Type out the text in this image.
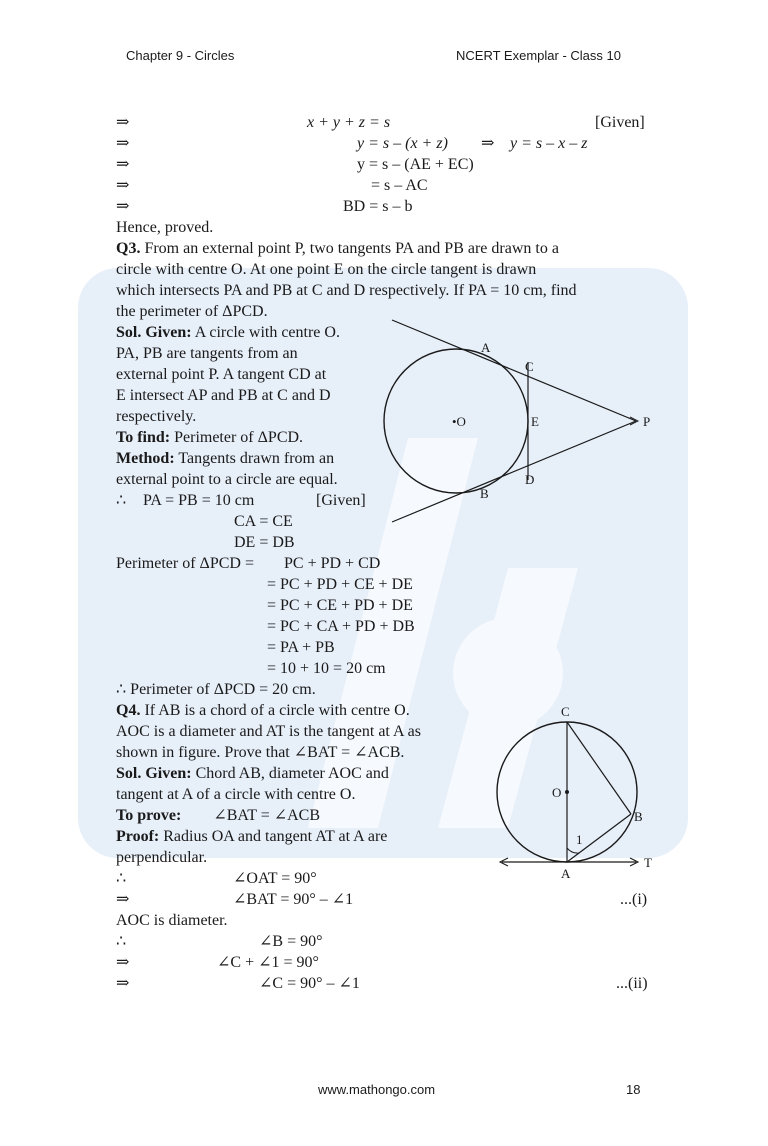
Chapter 9 - Circles	NCERT Exemplar - Class 10
⇒	x + y + z = s	[Given]
⇒	y = s – (x + z) ⇒ y = s – x – z
⇒	y = s – (AE + EC)
⇒	= s – AC
⇒	BD = s – b
Hence, proved.
Q3. From an external point P, two tangents PA and PB are drawn to a
circle with centre O. At one point E on the circle tangent is drawn
which intersects PA and PB at C and D respectively. If PA = 10 cm, find
the perimeter of ΔPCD.
Sol. Given: A circle with centre O.
PA, PB are tangents from an
external point P. A tangent CD at
E intersect AP and PB at C and D
respectively.
To find: Perimeter of ΔPCD.
Method: Tangents drawn from an
external point to a circle are equal.
∴ PA = PB = 10 cm	[Given]
CA = CE
DE = DB
Perimeter of ΔPCD = PC + PD + CD
= PC + PD + CE + DE
= PC + CE + PD + DE
= PC + CA + PD + DB
= PA + PB
= 10 + 10 = 20 cm
∴ Perimeter of ΔPCD = 20 cm.
A
C
•O	E	P
D
B
Q4. If AB is a chord of a circle with centre O.
AOC is a diameter and AT is the tangent at A as
shown in figure. Prove that ∠BAT = ∠ACB.
Sol. Given: Chord AB, diameter AOC and
tangent at A of a circle with centre O.
To prove: ∠BAT = ∠ACB
Proof: Radius OA and tangent AT at A are
perpendicular.
∴	∠OAT = 90°
⇒	∠BAT = 90° – ∠1	...(i)
AOC is diameter.
∴	∠B = 90°
⇒	∠C + ∠1 = 90°
⇒	∠C = 90° – ∠1	...(ii)
C
O
B
1
A
T
www.mathongo.com	18
